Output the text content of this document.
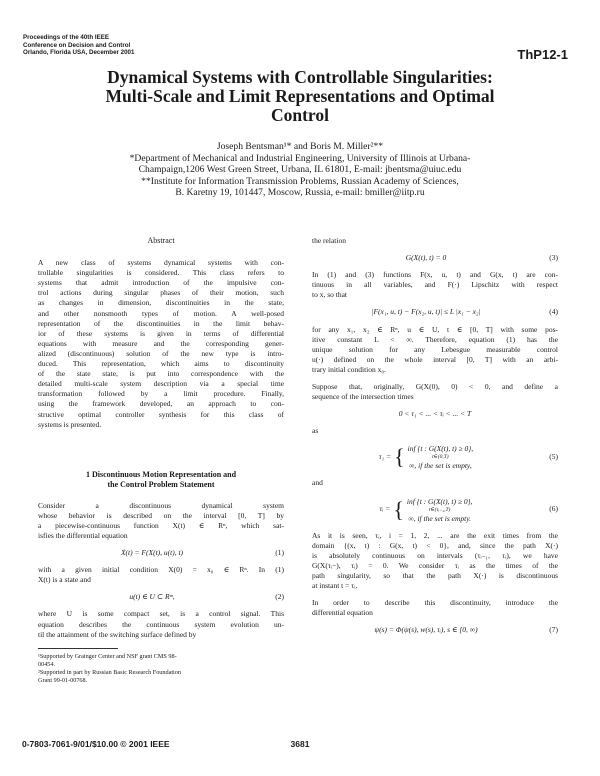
Proceedings of the 40th IEEE
Conference on Decision and Control
Orlando, Florida USA, December 2001	ThP12-1
Dynamical Systems with Controllable Singularities:
Multi-Scale and Limit Representations and Optimal
Control
Joseph Bentsman¹* and Boris M. Miller²**
*Department of Mechanical and Industrial Engineering, University of Illinois at Urbana-
Champaign,1206 West Green Street, Urbana, IL 61801, E-mail: jbentsma@uiuc.edu
**Institute for Information Transmission Problems, Russian Academy of Sciences,
B. Karetny 19, 101447, Moscow, Russia, e-mail: bmiller@iitp.ru
Abstract
A new class of systems dynamical systems with con-
trollable singularities is considered. This class refers to
systems that admit introduction of the impulsive con-
trol actions during singular phases of their motion, such
as changes in dimension, discontinuities in the state,
and other nonsmooth types of motion. A well-posed
representation of the discontinuities in the limit behav-
ior of these systems is given in terms of differential
equations with measure and the corresponding gener-
alized (discontinuous) solution of the new type is intro-
duced. This representation, which aims to discontinuity
of the state state, is put into correspondence with the
detailed multi-scale system description via a special time
transformation followed by a limit procedure. Finally,
using the framework developed, an approach to con-
structive optimal controller synthesis for this class of
systems is presented.
1 Discontinuous Motion Representation and
the Control Problem Statement
Consider a discontinuous dynamical system
whose behavior is described on the interval [0, T] by
a piecewise-continuous function X(t) ∈ Rⁿ, which sat-
isfies the differential equation
Ẋ(t) = F(X(t), u(t), t)	(1)
with a given initial condition X(0) = x₀ ∈ Rⁿ. In (1)
X(t) is a state and
u(t) ∈ U ⊂ Rᵐ,	(2)
where U is some compact set, is a control signal. This
equation describes the continuous system evolution un-
til the attainment of the switching surface defined by
¹Supported by Grainger Center and NSF grant CMS 98-
00454.
²Supported in part by Russian Basic Research Foundation
Grant 99-01-00768.
the relation
G(X(t), t) = 0	(3)
In (1) and (3) functions F(x, u, t) and G(x, t) are con-
tinuous in all variables, and F(·) Lipschitz with respect
to x, so that
|F(x₁, u, t) − F(x₂, u, t)| ≤ L |x₁ − x₂|	(4)
for any x₁, x₂ ∈ Rⁿ, u ∈ U, t ∈ [0, T] with some pos-
itive constant L < ∞. Therefore, equation (1) has the
unique solution for any Lebesgue measurable control
u(·) defined on the whole interval [0, T] with an arbi-
trary initial condition x₀.
Suppose that, originally, G(X(0), 0) < 0, and define a
sequence of the intersection times
0 < τ₁ < ... < τᵢ < ... < T
as
τ₁ = { inf {t : G(X(t), t) ≥ 0},
t∈(0,T)
∞, if the set is empty,
(5)
and
τᵢ = { inf {t : G(X(t), t) ≥ 0},
t∈(τᵢ₋₁,T)
∞, if the set is empty.
(6)
As it is seen, τᵢ, i = 1, 2, ... are the exit times from the
domain {(x, t) : G(x, t) < 0}, and, since the path X(·)
is absolutely continuous on intervals (τᵢ₋₁, τᵢ), we have
G(X(τᵢ−), τᵢ) = 0. We consider τᵢ as the times of the
path singularity, so that the path X(·) is discontinuous
at instant t = τᵢ.
In order to describe this discontinuity, introduce the
differential equation
ψ(s) = Φ(ψ(s), w(s), τᵢ), s ∈ [0, ∞)	(7)
0-7803-7061-9/01/$10.00 © 2001 IEEE	3681
